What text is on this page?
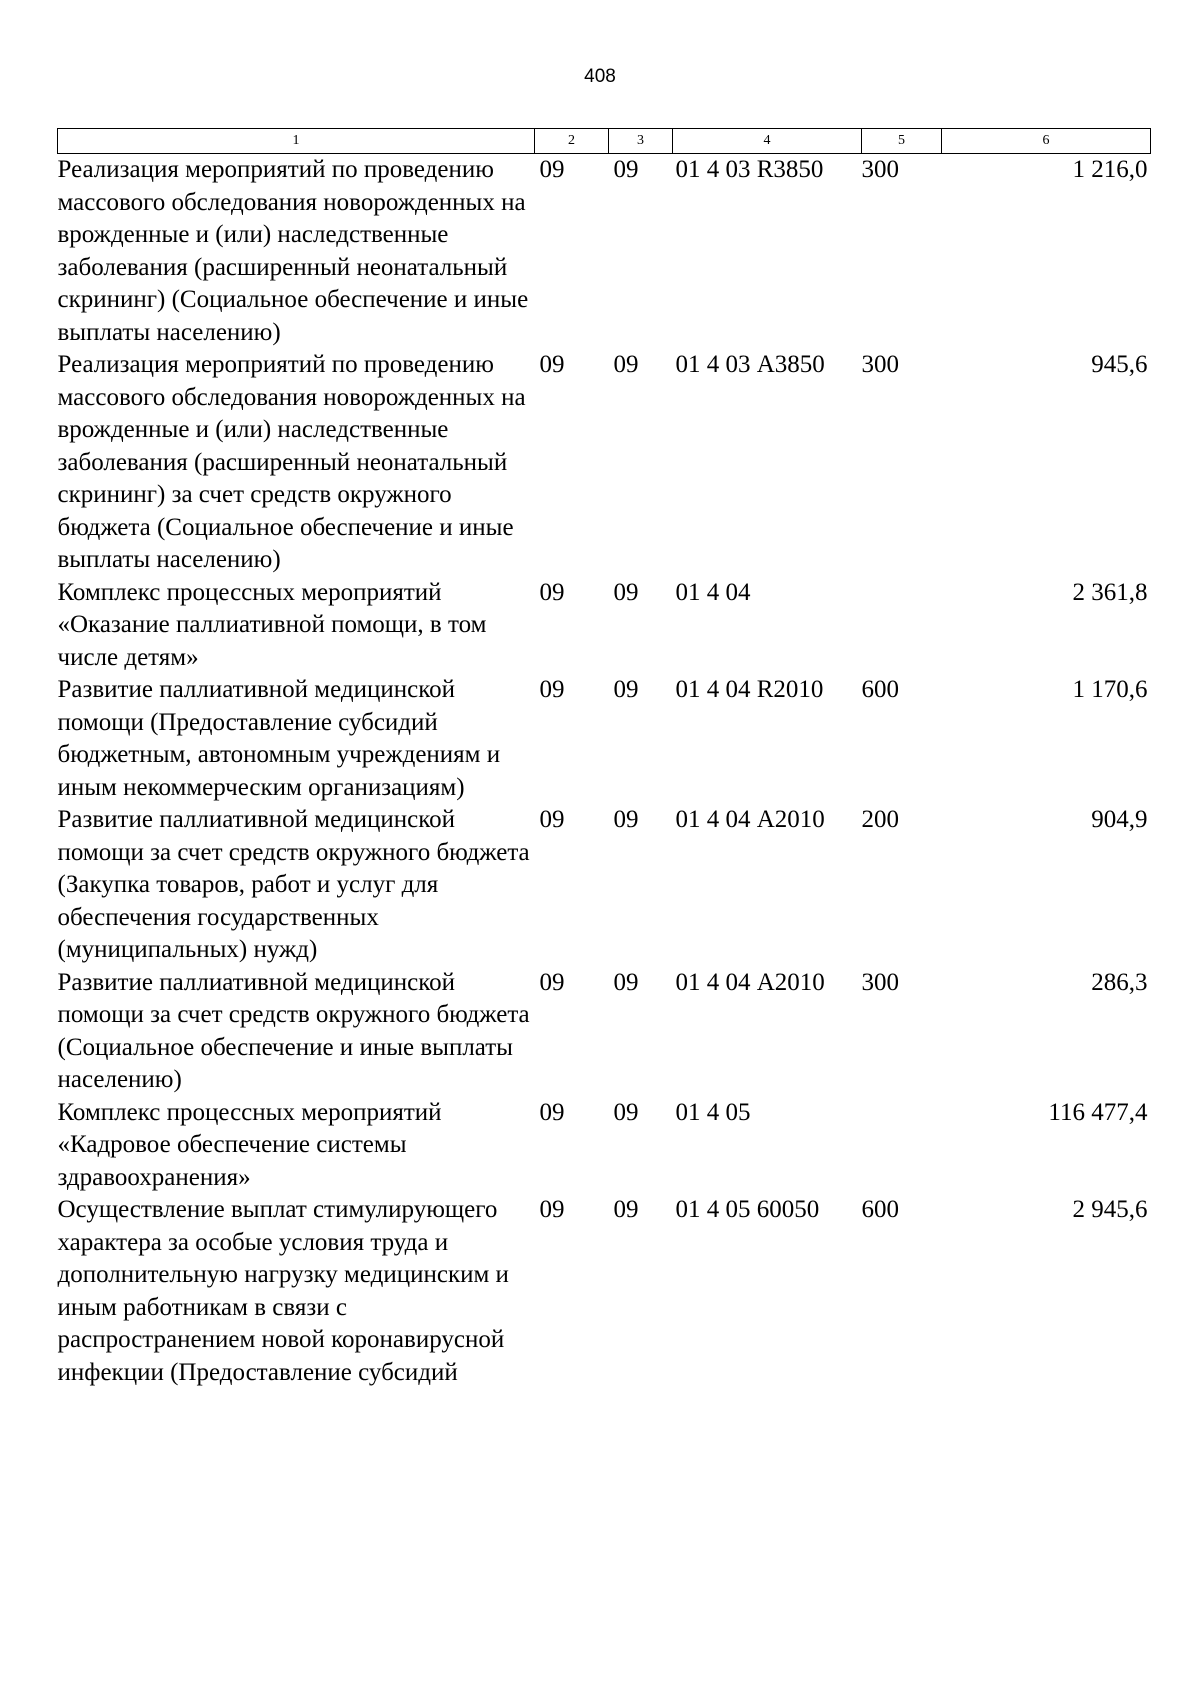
408
1	2	3	4	5	6
Реализация мероприятий по проведению массового обследования новорожденных на врожденные и (или) наследственные заболевания (расширенный неонатальный скрининг) (Социальное обеспечение и иные выплаты населению)	09	09	01 4 03 R3850	300	1 216,0
Реализация мероприятий по проведению массового обследования новорожденных на врожденные и (или) наследственные заболевания (расширенный неонатальный скрининг) за счет средств окружного бюджета (Социальное обеспечение и иные выплаты населению)	09	09	01 4 03 А3850	300	945,6
Комплекс процессных мероприятий «Оказание паллиативной помощи, в том числе детям»	09	09	01 4 04		2 361,8
Развитие паллиативной медицинской помощи (Предоставление субсидий бюджетным, автономным учреждениям и иным некоммерческим организациям)	09	09	01 4 04 R2010	600	1 170,6
Развитие паллиативной медицинской помощи за счет средств окружного бюджета (Закупка товаров, работ и услуг для обеспечения государственных (муниципальных) нужд)	09	09	01 4 04 А2010	200	904,9
Развитие паллиативной медицинской помощи за счет средств окружного бюджета (Социальное обеспечение и иные выплаты населению)	09	09	01 4 04 А2010	300	286,3
Комплекс процессных мероприятий «Кадровое обеспечение системы здравоохранения»	09	09	01 4 05		116 477,4
Осуществление выплат стимулирующего характера за особые условия труда и дополнительную нагрузку медицинским и иным работникам в связи с распространением новой коронавирусной инфекции (Предоставление субсидий	09	09	01 4 05 60050	600	2 945,6
